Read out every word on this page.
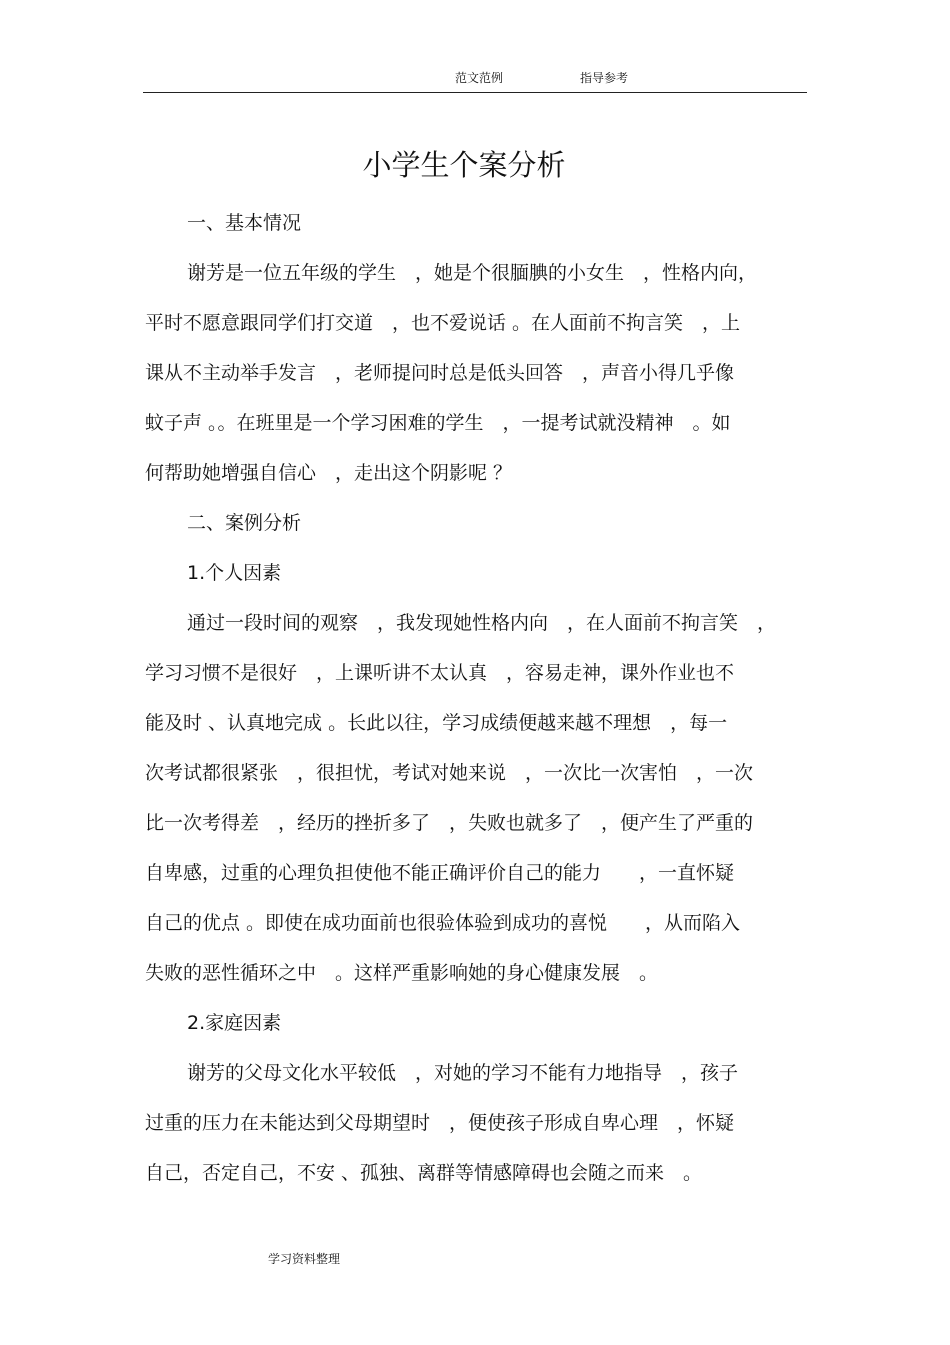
范文范例	指导参考
小学生个案分析
一、基本情况
谢芳是一位五年级的学生　，她是个很腼腆的小女生　，性格内向，
平时不愿意跟同学们打交道　，也不爱说话 。在人面前不拘言笑　，上
课从不主动举手发言　，老师提问时总是低头回答　，声音小得几乎像
蚊子声 。。在班里是一个学习困难的学生　，一提考试就没精神　。如
何帮助她增强自信心　，走出这个阴影呢 ？
二、案例分析
1.个人因素
通过一段时间的观察　，我发现她性格内向　，在人面前不拘言笑　，
学习习惯不是很好　，上课听讲不太认真　，容易走神，课外作业也不
能及时 、认真地完成 。长此以往，学习成绩便越来越不理想　，每一
次考试都很紧张　，很担忧，考试对她来说　，一次比一次害怕　，一次
比一次考得差　，经历的挫折多了　，失败也就多了　，便产生了严重的
自卑感，过重的心理负担使他不能正确评价自己的能力　　，一直怀疑
自己的优点 。即使在成功面前也很验体验到成功的喜悦　　，从而陷入
失败的恶性循环之中　。这样严重影响她的身心健康发展　。
2.家庭因素
谢芳的父母文化水平较低　，对她的学习不能有力地指导　，孩子
过重的压力在未能达到父母期望时　，便使孩子形成自卑心理　，怀疑
自己，否定自己，不安 、孤独、离群等情感障碍也会随之而来　。
学习资料整理
